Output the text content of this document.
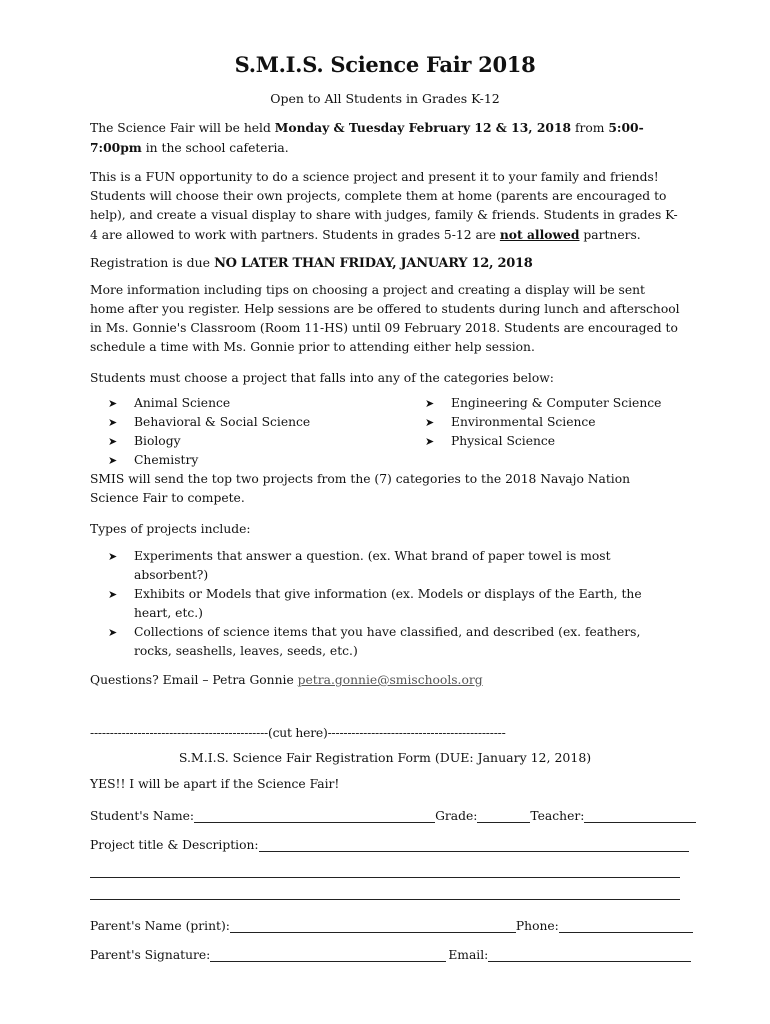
S.M.I.S. Science Fair 2018
Open to All Students in Grades K-12

The Science Fair will be held Monday & Tuesday February 12 & 13, 2018 from 5:00-7:00pm in the school cafeteria.

This is a FUN opportunity to do a science project and present it to your family and friends! Students will choose their own projects, complete them at home (parents are encouraged to help), and create a visual display to share with judges, family & friends. Students in grades K-4 are allowed to work with partners. Students in grades 5-12 are not allowed partners.

Registration is due NO LATER THAN FRIDAY, JANUARY 12, 2018

More information including tips on choosing a project and creating a display will be sent home after you register. Help sessions are be offered to students during lunch and afterschool in Ms. Gonnie's Classroom (Room 11-HS) until 09 February 2018. Students are encouraged to schedule a time with Ms. Gonnie prior to attending either help session.

Students must choose a project that falls into any of the categories below:

➤	Animal Science
➤	Behavioral & Social Science
➤	Biology
➤	Chemistry
➤	Engineering & Computer Science
➤	Environmental Science
➤	Physical Science

SMIS will send the top two projects from the (7) categories to the 2018 Navajo Nation Science Fair to compete.

Types of projects include:

➤	Experiments that answer a question. (ex. What brand of paper towel is most absorbent?)
➤	Exhibits or Models that give information (ex. Models or displays of the Earth, the heart, etc.)
➤	Collections of science items that you have classified, and described (ex. feathers, rocks, seashells, leaves, seeds, etc.)

Questions? Email – Petra Gonnie petra.gonnie@smischools.org

---------------------------------------------(cut here)---------------------------------------------
S.M.I.S. Science Fair Registration Form (DUE: January 12, 2018)

YES!! I will be apart if the Science Fair!

Student's Name:	Grade:	Teacher:
Project title & Description:
Parent's Name (print):	Phone:
Parent's Signature:	Email:
